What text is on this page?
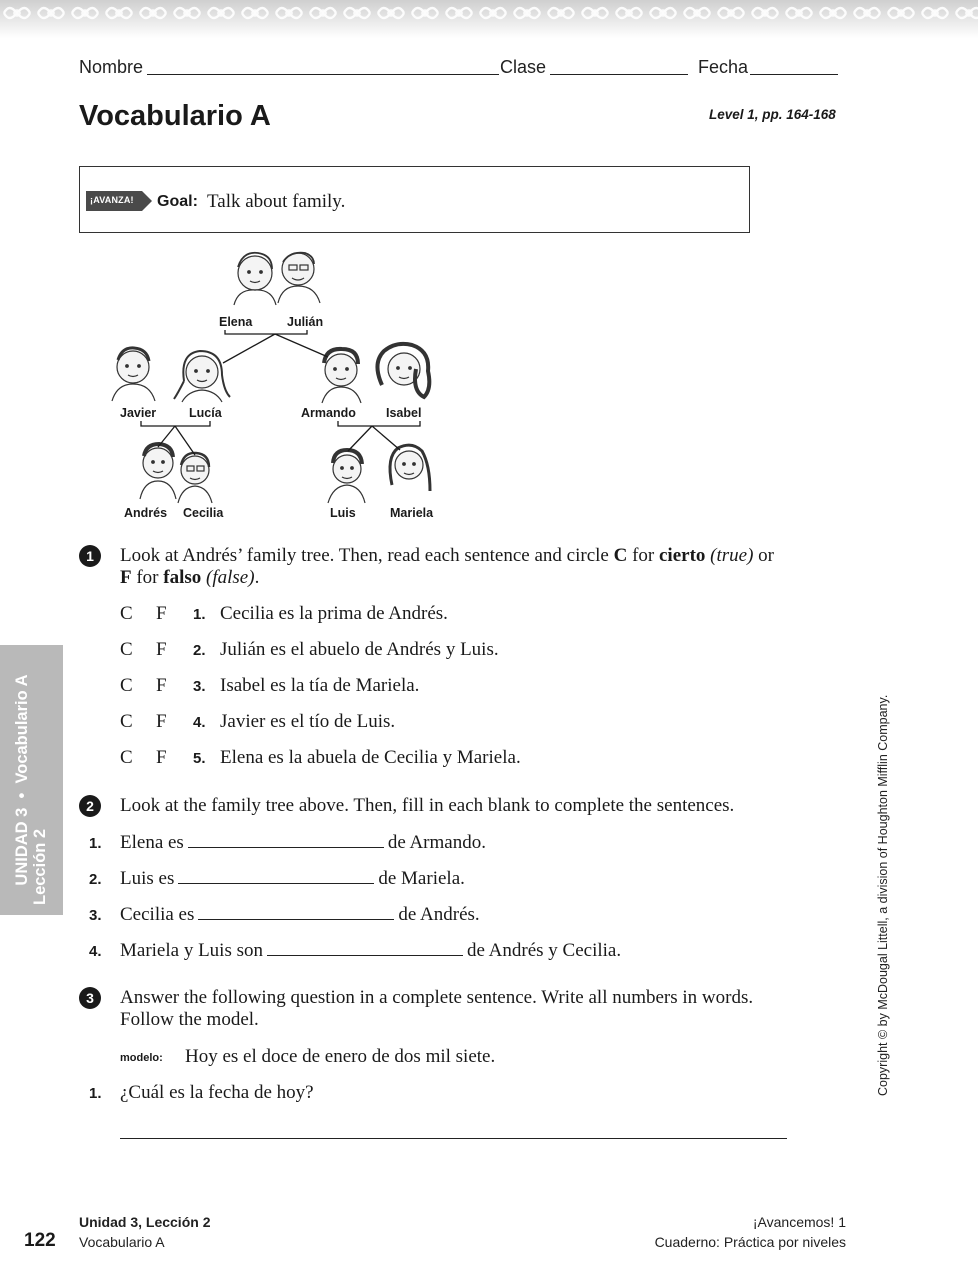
Nombre	Clase	Fecha
Vocabulario A	Level 1, pp. 164-168
¡AVANZA! Goal: Talk about family.
Elena	Julián
Javier	Lucía	Armando Isabel
Andrés Cecilia	Luis	Mariela
1	Look at Andrés’ family tree. Then, read each sentence and circle C for cierto (true) or
F for falso (false).
C F 1. Cecilia es la prima de Andrés.
C F 2. Julián es el abuelo de Andrés y Luis.
C F 3. Isabel es la tía de Mariela.
C F 4. Javier es el tío de Luis.
C F 5. Elena es la abuela de Cecilia y Mariela.
2	Look at the family tree above. Then, fill in each blank to complete the sentences.
1. Elena es	de Armando.
2. Luis es	de Mariela.
3. Cecilia es	de Andrés.
4. Mariela y Luis son	de Andrés y Cecilia.
3	Answer the following question in a complete sentence. Write all numbers in words.
Follow the model.
modelo: Hoy es el doce de enero de dos mil siete.
1. ¿Cuál es la fecha de hoy?
UNIDAD 3  •  Vocabulario A Lección 2	Copyright © by McDougal Littell, a division of Houghton Mifflin Company.
122
Unidad 3, Lección 2
Vocabulario A
¡Avancemos! 1
Cuaderno: Práctica por niveles
